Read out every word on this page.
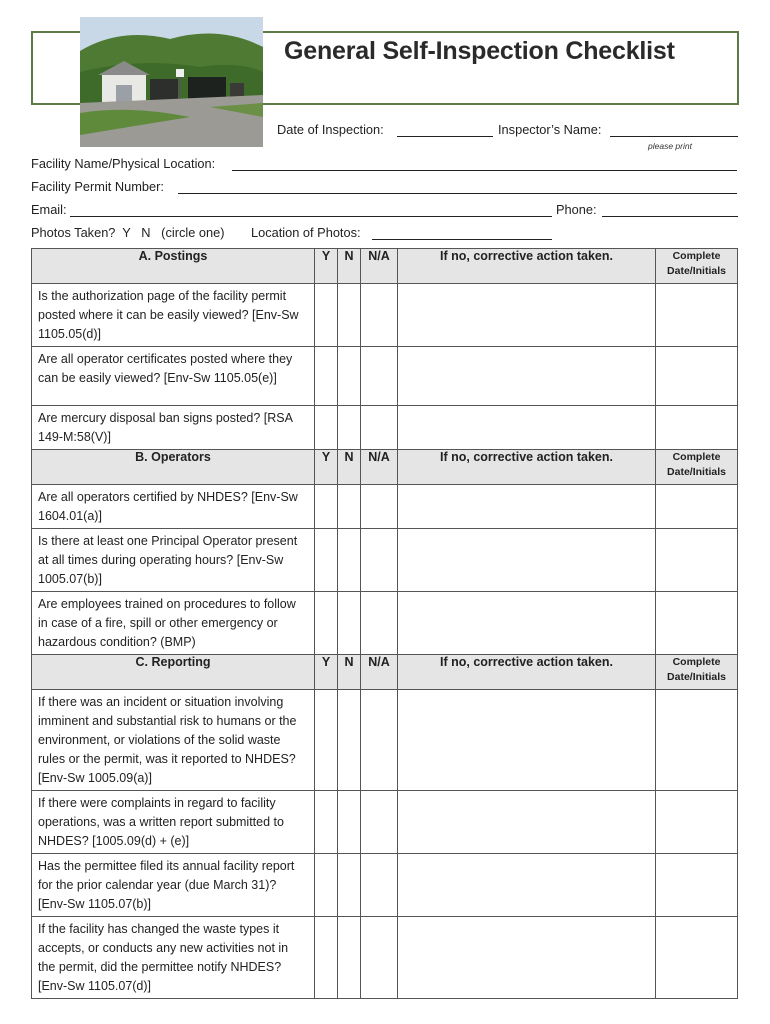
General Self-Inspection Checklist
Date of Inspection:	Inspector’s Name:
please print
Facility Name/Physical Location:
Facility Permit Number:
Email:	Phone:
Photos Taken?  Y   N   (circle one) Location of Photos:
A. Postings	Y	N	N/A	If no, corrective action taken.	Complete
Date/Initials

Is the authorization page of the facility permit posted where it can be easily viewed? [Env-Sw 1105.05(d)]					
Are all operator certificates posted where they can be easily viewed? [Env-Sw 1105.05(e)]					
Are mercury disposal ban signs posted? [RSA 149-M:58(V)]					
B. Operators	Y	N	N/A	If no, corrective action taken.	Complete
Date/Initials

Are all operators certified by NHDES? [Env-Sw 1604.01(a)]					
Is there at least one Principal Operator present at all times during operating hours? [Env-Sw 1005.07(b)]					
Are employees trained on procedures to follow in case of a fire, spill or other emergency or hazardous condition? (BMP)					
C. Reporting	Y	N	N/A	If no, corrective action taken.	Complete
Date/Initials

If there was an incident or situation involving imminent and substantial risk to humans or the environment, or violations of the solid waste rules or the permit, was it reported to NHDES? [Env-Sw 1005.09(a)]					
If there were complaints in regard to facility operations, was a written report submitted to NHDES? [1005.09(d) + (e)]					
Has the permittee filed its annual facility report for the prior calendar year (due March 31)? [Env-Sw 1105.07(b)]					
If the facility has changed the waste types it accepts, or conducts any new activities not in the permit, did the permittee notify NHDES? [Env-Sw 1105.07(d)]					
